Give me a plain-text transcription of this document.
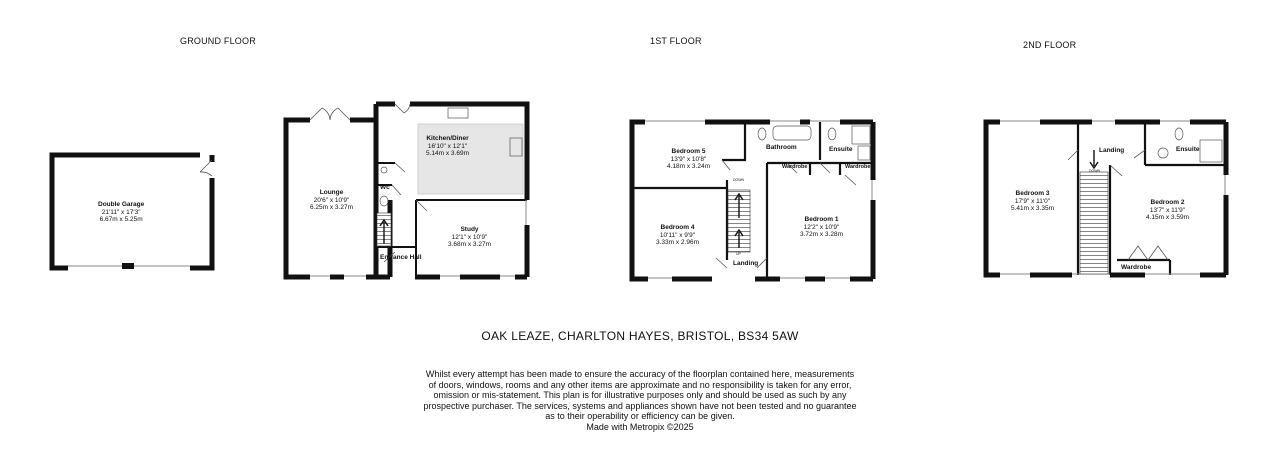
GROUND FLOOR	1ST FLOOR	2ND FLOOR
Double Garage
21'11" x 17'3"
6.67m x 5.25m
Lounge
20'6" x 10'9"
6.25m x 3.27m
Kitchen/Diner
16'10" x 12'1"
5.14m x 3.69m
Wc
Study
12'1" x 10'9"
3.68m x 3.27m
Entrance Hall
Bedroom 5
13'9" x 10'8"
4.18m x 3.24m
Bathroom	Ensuite
Wardrobe	Wardrobe
Bedroom 4
10'11" x 9'9"
3.33m x 2.96m
Bedroom 1
12'2" x 10'9"
3.72m x 3.28m
Landing
DOWN
UP
Bedroom 3
17'9" x 11'0"
5.41m x 3.35m
Landing	Ensuite
Bedroom 2
13'7" x 11'9"
4.15m x 3.59m
Wardrobe
DOWN
OAK LEAZE, CHARLTON HAYES, BRISTOL, BS34 5AW
Whilst every attempt has been made to ensure the accuracy of the floorplan contained here, measurements
of doors, windows, rooms and any other items are approximate and no responsibility is taken for any error,
omission or mis-statement. This plan is for illustrative purposes only and should be used as such by any
prospective purchaser. The services, systems and appliances shown have not been tested and no guarantee
as to their operability or efficiency can be given.
Made with Metropix ©2025
